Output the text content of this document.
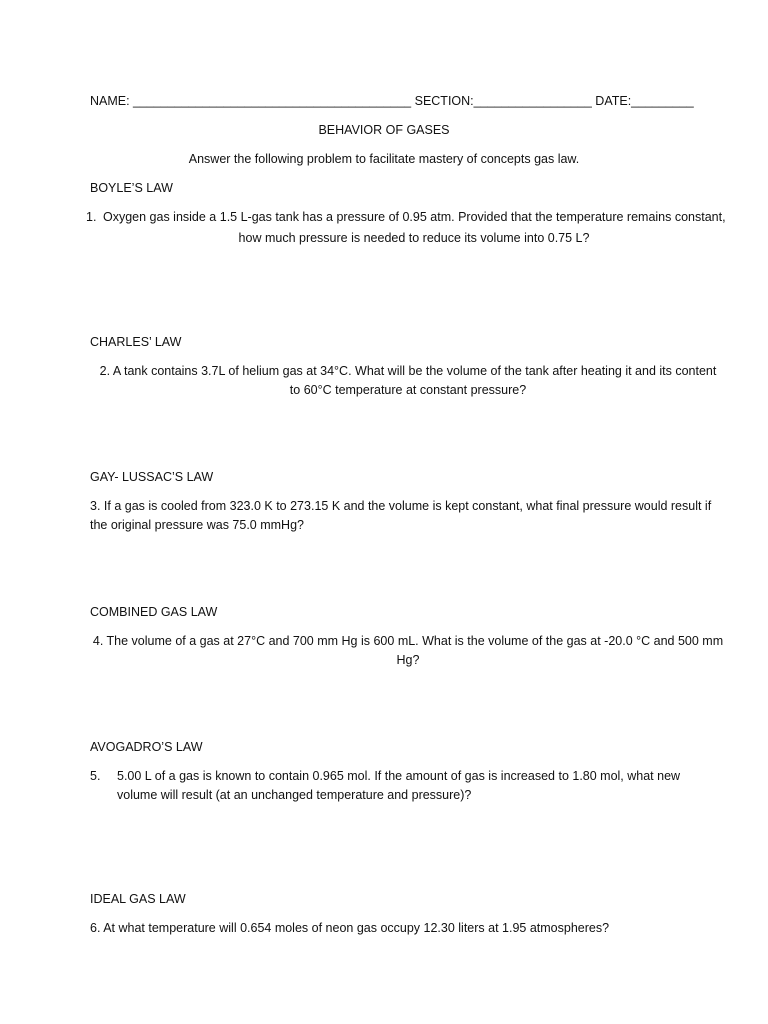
NAME: ________________________________________ SECTION:_________________ DATE:_________
BEHAVIOR OF GASES
Answer the following problem to facilitate mastery of concepts gas law.
BOYLE’S LAW
1. Oxygen gas inside a 1.5 L-gas tank has a pressure of 0.95 atm. Provided that the temperature remains constant,
how much pressure is needed to reduce its volume into 0.75 L?
CHARLES’ LAW
2. A tank contains 3.7L of helium gas at 34°C. What will be the volume of the tank after heating it and its content
to 60°C temperature at constant pressure?
GAY- LUSSAC’S LAW
3. If a gas is cooled from 323.0 K to 273.15 K and the volume is kept constant, what final pressure would result if
the original pressure was 75.0 mmHg?
COMBINED GAS LAW
4. The volume of a gas at 27°C and 700 mm Hg is 600 mL. What is the volume of the gas at -20.0 °C and 500 mm
Hg?
AVOGADRO’S LAW
5. 5.00 L of a gas is known to contain 0.965 mol. If the amount of gas is increased to 1.80 mol, what new
volume will result (at an unchanged temperature and pressure)?
IDEAL GAS LAW
6. At what temperature will 0.654 moles of neon gas occupy 12.30 liters at 1.95 atmospheres?
